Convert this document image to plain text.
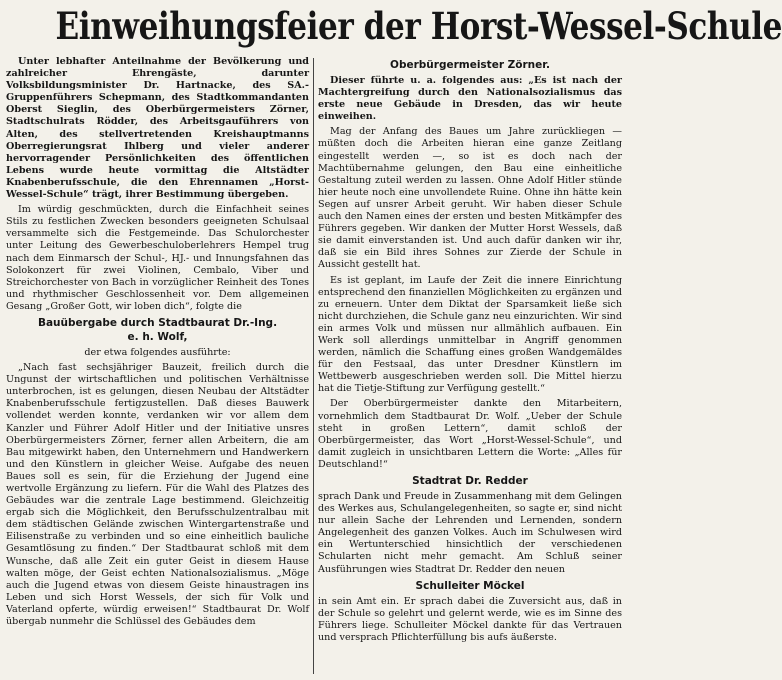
Einweihungsfeier der Horst-Wessel-Schule

Unter lebhafter Anteilnahme der Bevölkerung und zahlreicher Ehrengäste, darunter Volksbildungsminister Dr. Hartnacke, des SA.-Gruppenführers Schepmann, des Stadtkommandanten Oberst Sieglin, des Oberbürgermeisters Zörner, Stadtschulrats Rödder, des Arbeitsgauführers von Alten, des stellvertretenden Kreishauptmanns Oberregierungsrat Ihlberg und vieler anderer hervorragender Persönlichkeiten des öffentlichen Lebens wurde heute vormittag die Altstädter Knabenberufsschule, die den Ehrennamen „Horst-Wessel-Schule“ trägt, ihrer Bestimmung übergeben.

Im würdig geschmückten, durch die Einfachheit seines Stils zu festlichen Zwecken besonders geeigneten Schulsaal versammelte sich die Festgemeinde. Das Schulorchester unter Leitung des Gewerbeschuloberlehrers Hempel trug nach dem Einmarsch der Schul-, HJ.- und Innungsfahnen das Solokonzert für zwei Violinen, Cembalo, Viber und Streichorchester von Bach in vorzüglicher Reinheit des Tones und rhythmischer Geschlossenheit vor. Dem allgemeinen Gesang „Großer Gott, wir loben dich“, folgte die

Bauübergabe durch Stadtbaurat Dr.-Ing.
e. h. Wolf,

der etwa folgendes ausführte:

„Nach fast sechsjähriger Bauzeit, freilich durch die Ungunst der wirtschaftlichen und politischen Verhältnisse unterbrochen, ist es gelungen, diesen Neubau der Altstädter Knabenberufsschule fertigzustellen. Daß dieses Bauwerk vollendet werden konnte, verdanken wir vor allem dem Kanzler und Führer Adolf Hitler und der Initiative unsres Oberbürgermeisters Zörner, ferner allen Arbeitern, die am Bau mitgewirkt haben, den Unternehmern und Handwerkern und den Künstlern in gleicher Weise. Aufgabe des neuen Baues soll es sein, für die Erziehung der Jugend eine wertvolle Ergänzung zu liefern. Für die Wahl des Platzes des Gebäudes war die zentrale Lage bestimmend. Gleichzeitig ergab sich die Möglichkeit, den Berufsschulzentralbau mit dem städtischen Gelände zwischen Wintergartenstraße und Eilisenstraße zu verbinden und so eine einheitlich bauliche Gesamtlösung zu finden.“ Der Stadtbaurat schloß mit dem Wunsche, daß alle Zeit ein guter Geist in diesem Hause walten möge, der Geist echten Nationalsozialismus. „Möge auch die Jugend etwas von diesem Geiste hinaustragen ins Leben und sich Horst Wessels, der sich für Volk und Vaterland opferte, würdig erweisen!“ Stadtbaurat Dr. Wolf übergab nunmehr die Schlüssel des Gebäudes dem

Oberbürgermeister Zörner.

Dieser führte u. a. folgendes aus: „Es ist nach der Machtergreifung durch den Nationalsozialismus das erste neue Gebäude in Dresden, das wir heute einweihen.

Mag der Anfang des Baues um Jahre zurückliegen — müßten doch die Arbeiten hieran eine ganze Zeitlang eingestellt werden —, so ist es doch nach der Machtübernahme gelungen, den Bau eine einheitliche Gestaltung zuteil werden zu lassen. Ohne Adolf Hitler stünde hier heute noch eine unvollendete Ruine. Ohne ihn hätte kein Segen auf unsrer Arbeit geruht. Wir haben dieser Schule auch den Namen eines der ersten und besten Mitkämpfer des Führers gegeben. Wir danken der Mutter Horst Wessels, daß sie damit einverstanden ist. Und auch dafür danken wir ihr, daß sie ein Bild ihres Sohnes zur Zierde der Schule in Aussicht gestellt hat.

Es ist geplant, im Laufe der Zeit die innere Einrichtung entsprechend den finanziellen Möglichkeiten zu ergänzen und zu erneuern. Unter dem Diktat der Sparsamkeit ließe sich nicht durchziehen, die Schule ganz neu einzurichten. Wir sind ein armes Volk und müssen nur allmählich aufbauen. Ein Werk soll allerdings unmittelbar in Angriff genommen werden, nämlich die Schaffung eines großen Wandgemäldes für den Festsaal, das unter Dresdner Künstlern im Wettbewerb ausgeschrieben werden soll. Die Mittel hierzu hat die Tietje-Stiftung zur Verfügung gestellt.“

Der Oberbürgermeister dankte den Mitarbeitern, vornehmlich dem Stadtbaurat Dr. Wolf. „Ueber der Schule steht in großen Lettern“, damit schloß der Oberbürgermeister, das Wort „Horst-Wessel-Schule“, und damit zugleich in unsichtbaren Lettern die Worte: „Alles für Deutschland!“

Stadtrat Dr. Redder

sprach Dank und Freude in Zusammenhang mit dem Gelingen des Werkes aus, Schulangelegenheiten, so sagte er, sind nicht nur allein Sache der Lehrenden und Lernenden, sondern Angelegenheit des ganzen Volkes. Auch im Schulwesen wird ein Wertunterschied hinsichtlich der verschiedenen Schularten nicht mehr gemacht. Am Schluß seiner Ausführungen wies Stadtrat Dr. Redder den neuen

Schulleiter Möckel

in sein Amt ein. Er sprach dabei die Zuversicht aus, daß in der Schule so gelehrt und gelernt werde, wie es im Sinne des Führers liege. Schulleiter Möckel dankte für das Vertrauen und versprach Pflichterfüllung bis aufs äußerste.
